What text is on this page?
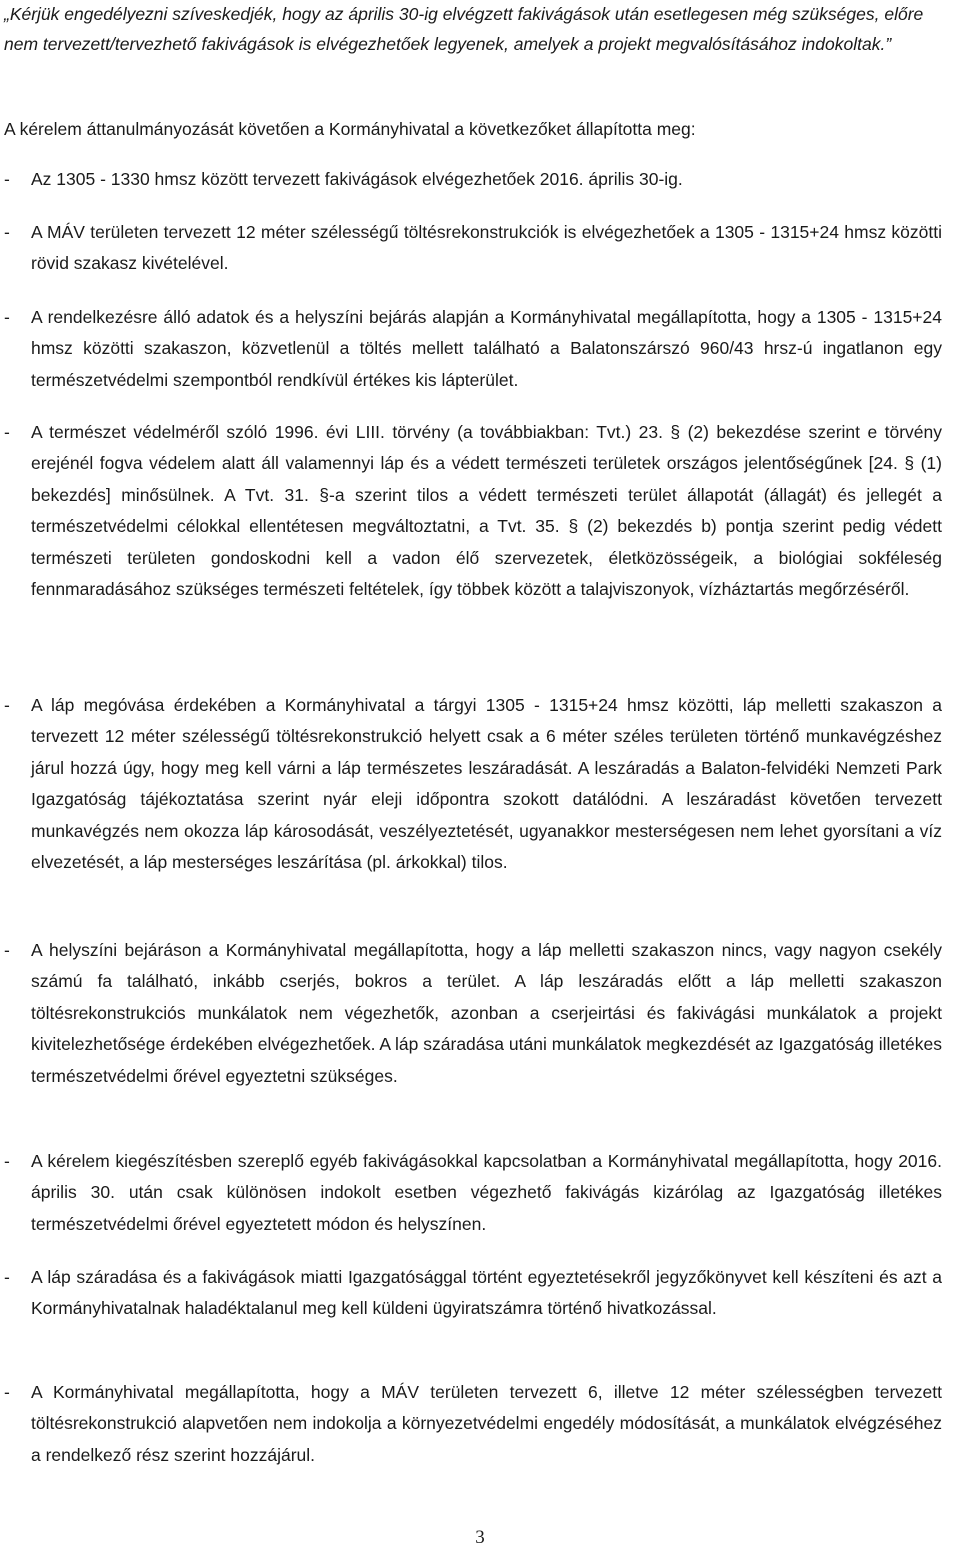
„Kérjük engedélyezni szíveskedjék, hogy az április 30-ig elvégzett fakivágások után esetlegesen még szükséges, előre nem tervezett/tervezhető fakivágások is elvégezhetőek legyenek, amelyek a projekt megvalósításához indokoltak.”

A kérelem áttanulmányozását követően a Kormányhivatal a következőket állapította meg:

-	Az 1305 - 1330 hmsz között tervezett fakivágások elvégezhetőek 2016. április 30-ig.
-	A MÁV területen tervezett 12 méter szélességű töltésrekonstrukciók is elvégezhetőek a 1305 - 1315+24 hmsz közötti rövid szakasz kivételével.
-	A rendelkezésre álló adatok és a helyszíni bejárás alapján a Kormányhivatal megállapította, hogy a 1305 - 1315+24 hmsz közötti szakaszon, közvetlenül a töltés mellett található a Balatonszárszó 960/43 hrsz-ú ingatlanon egy természetvédelmi szempontból rendkívül értékes kis lápterület.
-	A természet védelméről szóló 1996. évi LIII. törvény (a továbbiakban: Tvt.) 23. § (2) bekezdése szerint e törvény erejénél fogva védelem alatt áll valamennyi láp és a védett természeti területek országos jelentőségűnek [24. § (1) bekezdés] minősülnek. A Tvt. 31. §-a szerint tilos a védett természeti terület állapotát (állagát) és jellegét a természetvédelmi célokkal ellentétesen megváltoztatni, a Tvt. 35. § (2) bekezdés b) pontja szerint pedig védett természeti területen gondoskodni kell a vadon élő szervezetek, életközösségeik, a biológiai sokféleség fennmaradásához szükséges természeti feltételek, így többek között a talajviszonyok, vízháztartás megőrzéséről.
-	A láp megóvása érdekében a Kormányhivatal a tárgyi 1305 - 1315+24 hmsz közötti, láp melletti szakaszon a tervezett 12 méter szélességű töltésrekonstrukció helyett csak a 6 méter széles területen történő munkavégzéshez járul hozzá úgy, hogy meg kell várni a láp természetes leszáradását. A leszáradás a Balaton-felvidéki Nemzeti Park Igazgatóság tájékoztatása szerint nyár eleji időpontra szokott datálódni. A leszáradást követően tervezett munkavégzés nem okozza láp károsodását, veszélyeztetését, ugyanakkor mesterségesen nem lehet gyorsítani a víz elvezetését, a láp mesterséges leszárítása (pl. árkokkal) tilos.
-	A helyszíni bejáráson a Kormányhivatal megállapította, hogy a láp melletti szakaszon nincs, vagy nagyon csekély számú fa található, inkább cserjés, bokros a terület. A láp leszáradás előtt a láp melletti szakaszon töltésrekonstrukciós munkálatok nem végezhetők, azonban a cserjeirtási és fakivágási munkálatok a projekt kivitelezhetősége érdekében elvégezhetőek. A láp száradása utáni munkálatok megkezdését az Igazgatóság illetékes természetvédelmi őrével egyeztetni szükséges.
-	A kérelem kiegészítésben szereplő egyéb fakivágásokkal kapcsolatban a Kormányhivatal megállapította, hogy 2016. április 30. után csak különösen indokolt esetben végezhető fakivágás kizárólag az Igazgatóság illetékes természetvédelmi őrével egyeztetett módon és helyszínen.
-	A láp száradása és a fakivágások miatti Igazgatósággal történt egyeztetésekről jegyzőkönyvet kell készíteni és azt a Kormányhivatalnak haladéktalanul meg kell küldeni ügyiratszámra történő hivatkozással.
-	A Kormányhivatal megállapította, hogy a MÁV területen tervezett 6, illetve 12 méter szélességben tervezett töltésrekonstrukció alapvetően nem indokolja a környezetvédelmi engedély módosítását, a munkálatok elvégzéséhez a rendelkező rész szerint hozzájárul.
3
